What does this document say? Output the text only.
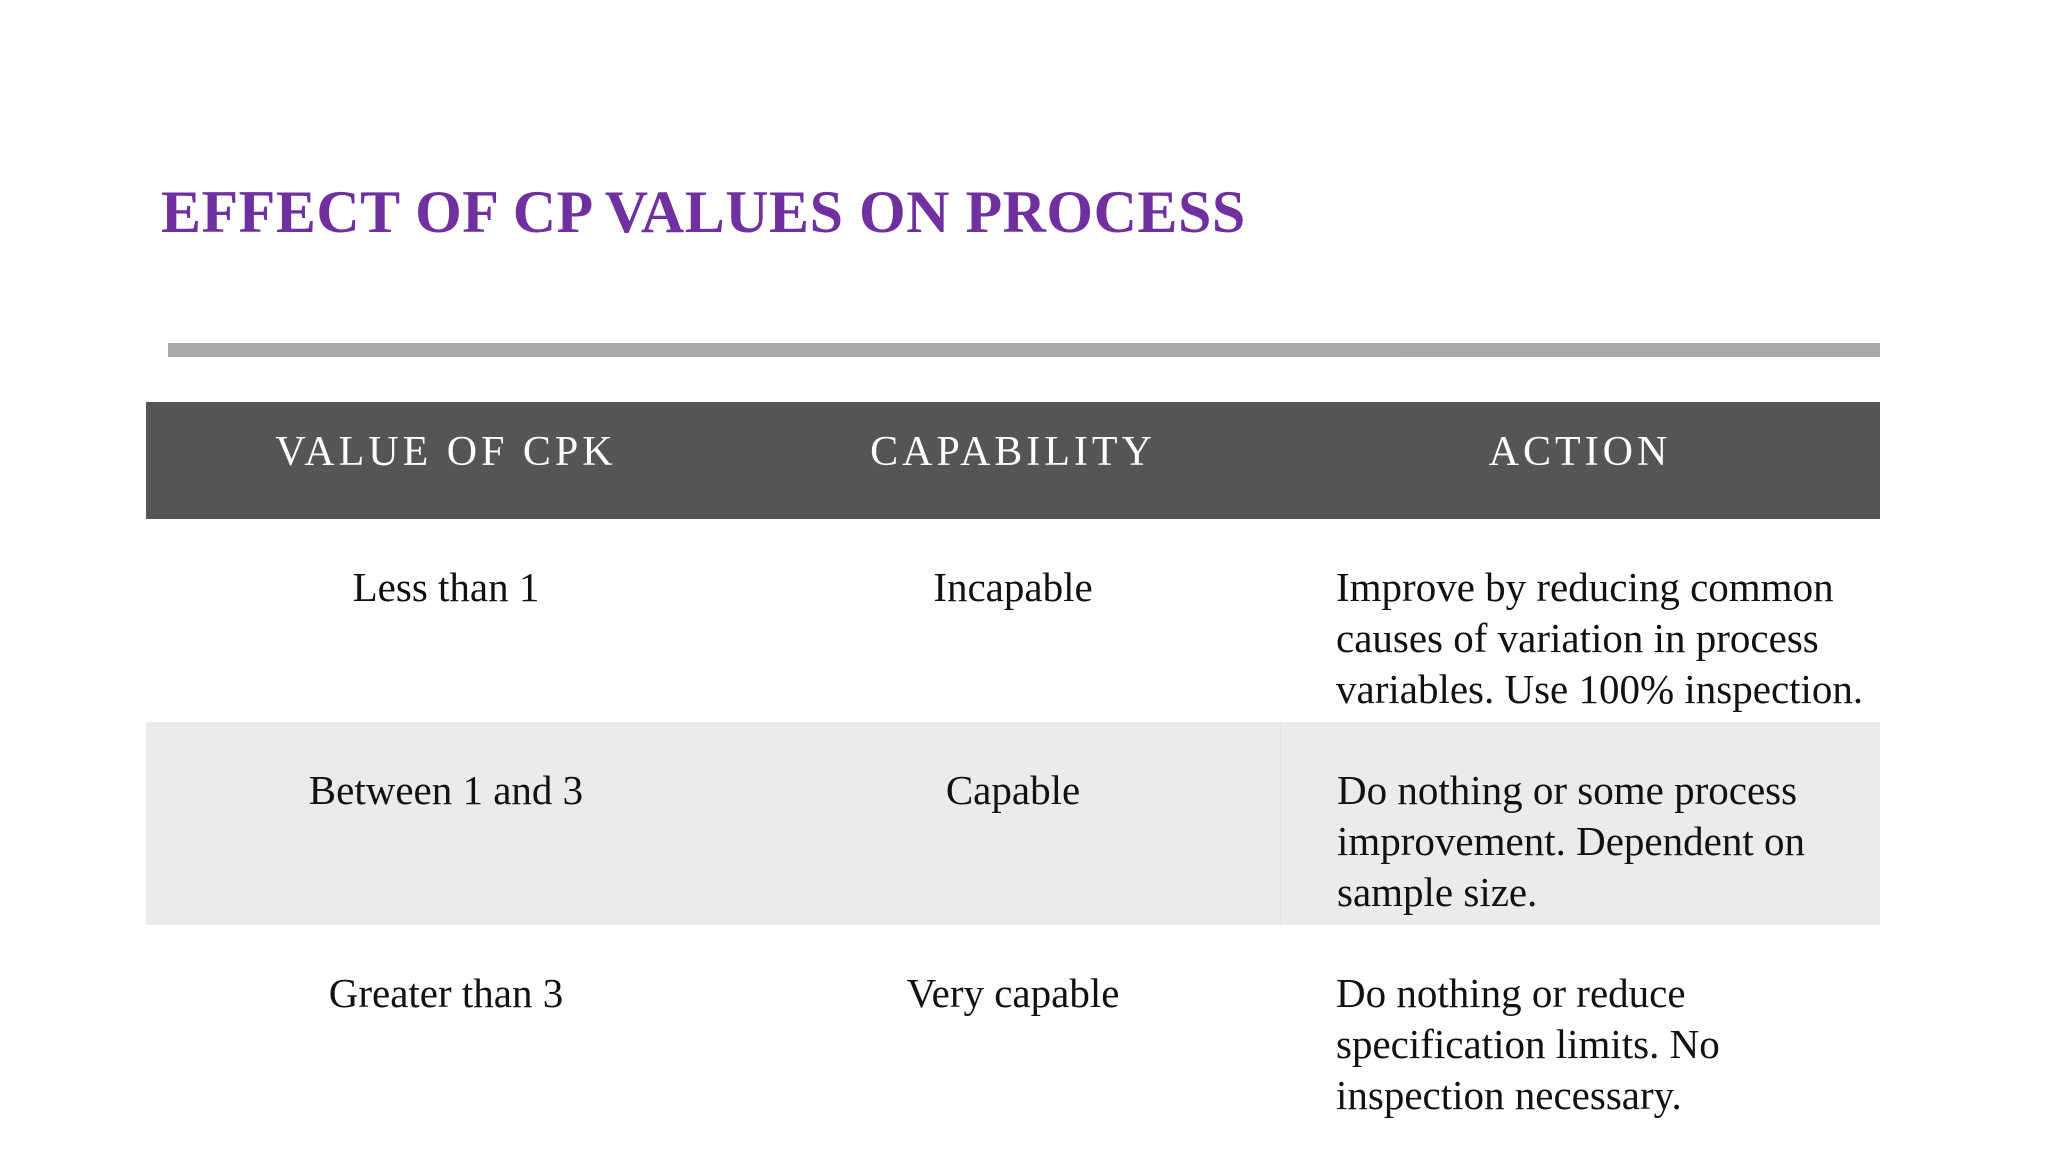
EFFECT OF CP VALUES ON PROCESS
VALUE OF CPK	CAPABILITY	ACTION
Less than 1	Incapable	Improve by reducing common causes of variation in process variables. Use 100% inspection.
Between 1 and 3	Capable	Do nothing or some process improvement. Dependent on sample size.
Greater than 3	Very capable	Do nothing or reduce specification limits. No inspection necessary.
